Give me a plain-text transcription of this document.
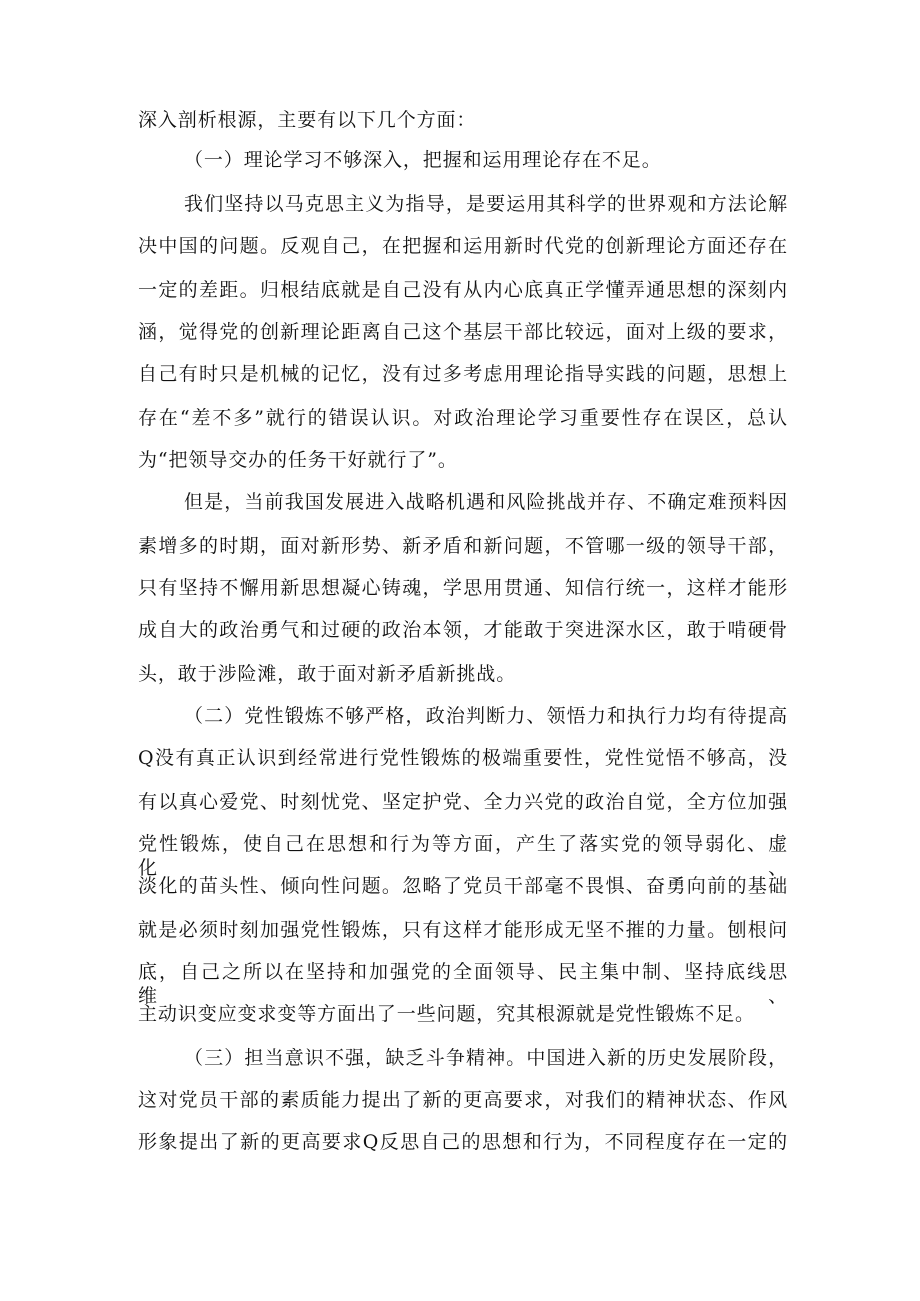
深入剖析根源，主要有以下几个方面：
（一）理论学习不够深入，把握和运用理论存在不足。
我们坚持以马克思主义为指导，是要运用其科学的世界观和方法论解
决中国的问题。反观自己，在把握和运用新时代党的创新理论方面还存在
一定的差距。归根结底就是自己没有从内心底真正学懂弄通思想的深刻内
涵，觉得党的创新理论距离自己这个基层干部比较远，面对上级的要求，
自己有时只是机械的记忆，没有过多考虑用理论指导实践的问题，思想上
存在“差不多”就行的错误认识。对政治理论学习重要性存在误区，总认
为“把领导交办的任务干好就行了”。
但是，当前我国发展进入战略机遇和风险挑战并存、不确定难预料因
素增多的时期，面对新形势、新矛盾和新问题，不管哪一级的领导干部，
只有坚持不懈用新思想凝心铸魂，学思用贯通、知信行统一，这样才能形
成自大的政治勇气和过硬的政治本领，才能敢于突进深水区，敢于啃硬骨
头，敢于涉险滩，敢于面对新矛盾新挑战。
（二）党性锻炼不够严格，政治判断力、领悟力和执行力均有待提高
Q没有真正认识到经常进行党性锻炼的极端重要性，党性觉悟不够高，没
有以真心爱党、时刻忧党、坚定护党、全力兴党的政治自觉，全方位加强
党性锻炼，使自己在思想和行为等方面，产生了落实党的领导弱化、虚化、
淡化的苗头性、倾向性问题。忽略了党员干部毫不畏惧、奋勇向前的基础
就是必须时刻加强党性锻炼，只有这样才能形成无坚不摧的力量。刨根问
底，自己之所以在坚持和加强党的全面领导、民主集中制、坚持底线思维、
主动识变应变求变等方面出了一些问题，究其根源就是党性锻炼不足。
（三）担当意识不强，缺乏斗争精神。中国进入新的历史发展阶段，
这对党员干部的素质能力提出了新的更高要求，对我们的精神状态、作风
形象提出了新的更高要求Q反思自己的思想和行为，不同程度存在一定的
